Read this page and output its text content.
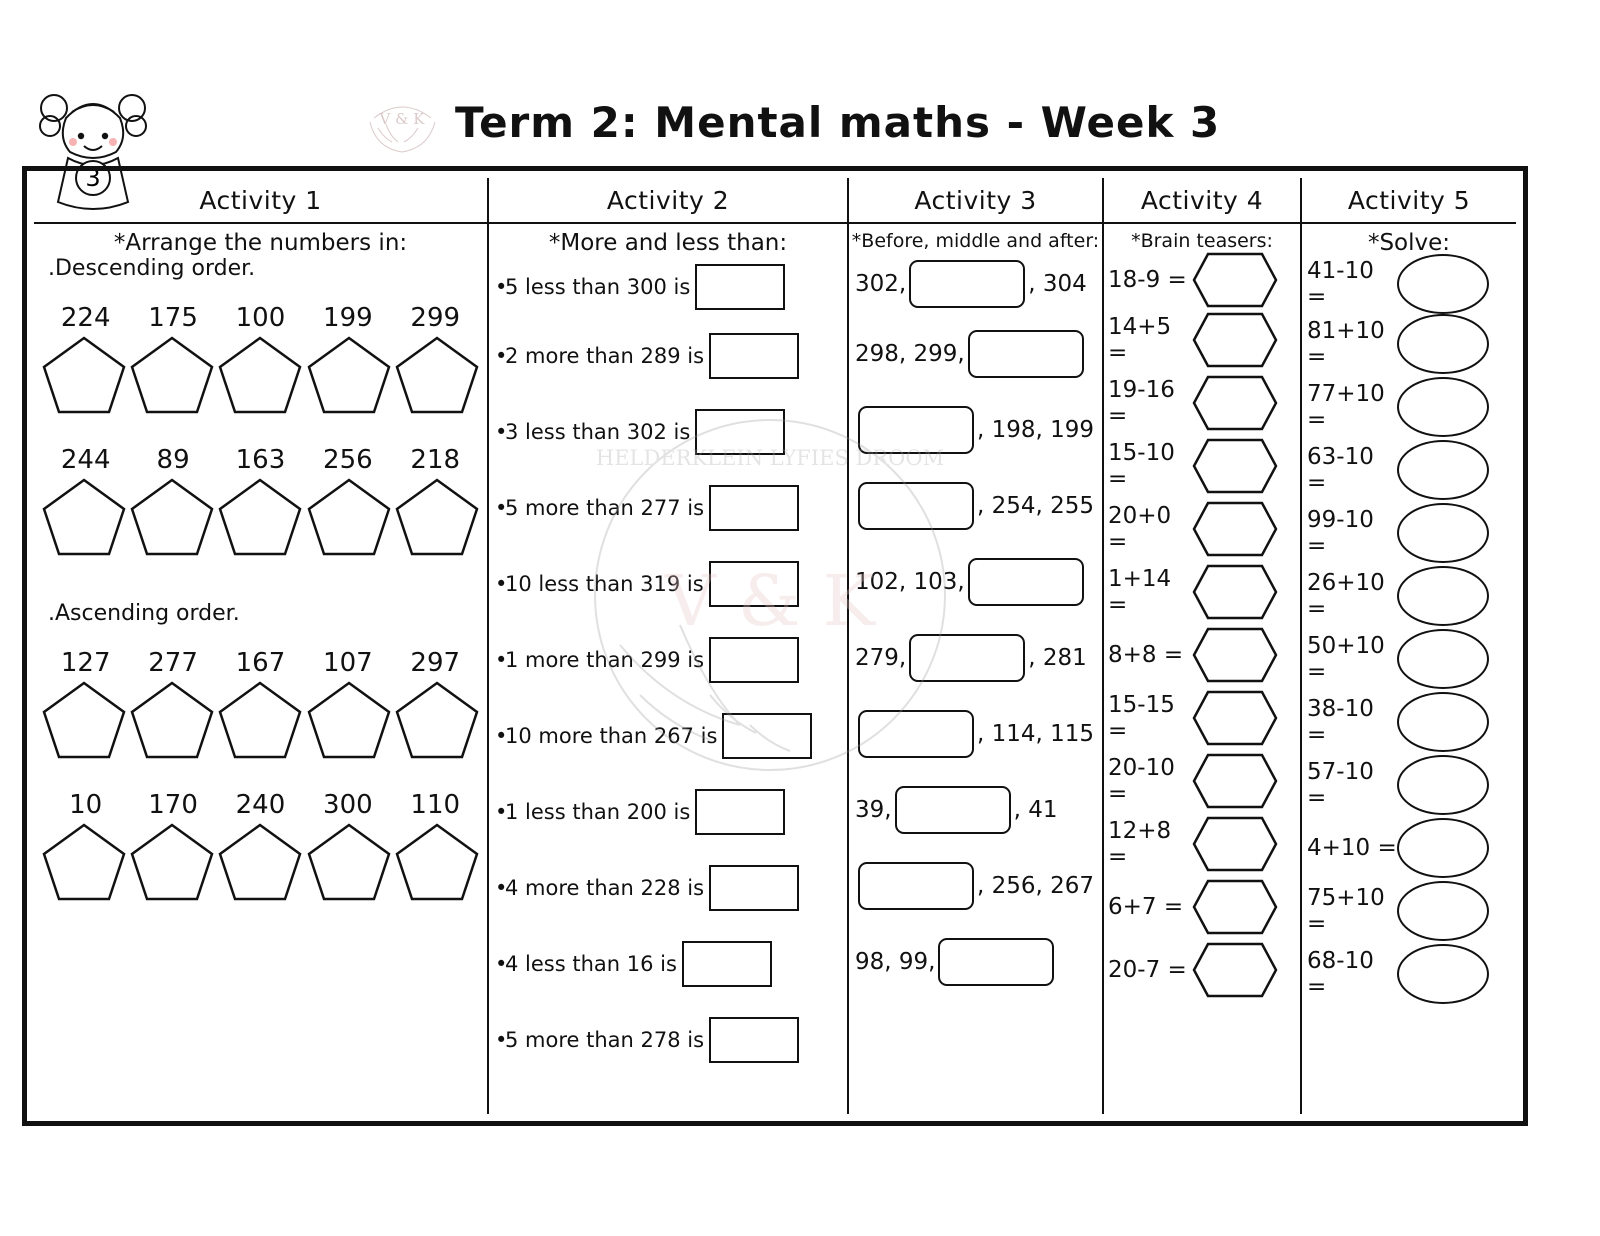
3
V & K Term 2: Mental maths - Week 3
V & K
HELDERKLEIN LYFIES DROOM
Activity 1
*Arrange the numbers in:
.Descending order.
224	175	100	199	299
244	89	163	256	218
.Ascending order.
127	277	167	107	297
10	170	240	300	110
Activity 2
*More and less than:
•
5 less than 300 is
•
2 more than 289 is
•
3 less than 302 is
•
5 more than 277 is
•
10 less than 319 is
•
1 more than 299 is
•
10 more than 267 is
•
1 less than 200 is
•
4 more than 228 is
•
4 less than 16 is
•
5 more than 278 is
Activity 3
*Before, middle and after:
302,	, 304
298, 299,
, 198, 199
, 254, 255
102, 103,
279,	, 281
, 114, 115
39,	, 41
, 256, 267
98, 99,
Activity 4
*Brain teasers:
18-9 =
14+5 =
19-16 =
15-10 =
20+0 =
1+14 =
8+8 =
15-15 =
20-10 =
12+8 =
6+7 =
20-7 =
Activity 5
*Solve:
41-10 =
81+10 =
77+10 =
63-10 =
99-10 =
26+10 =
50+10 =
38-10 =
57-10 =
4+10 =
75+10 =
68-10 =
